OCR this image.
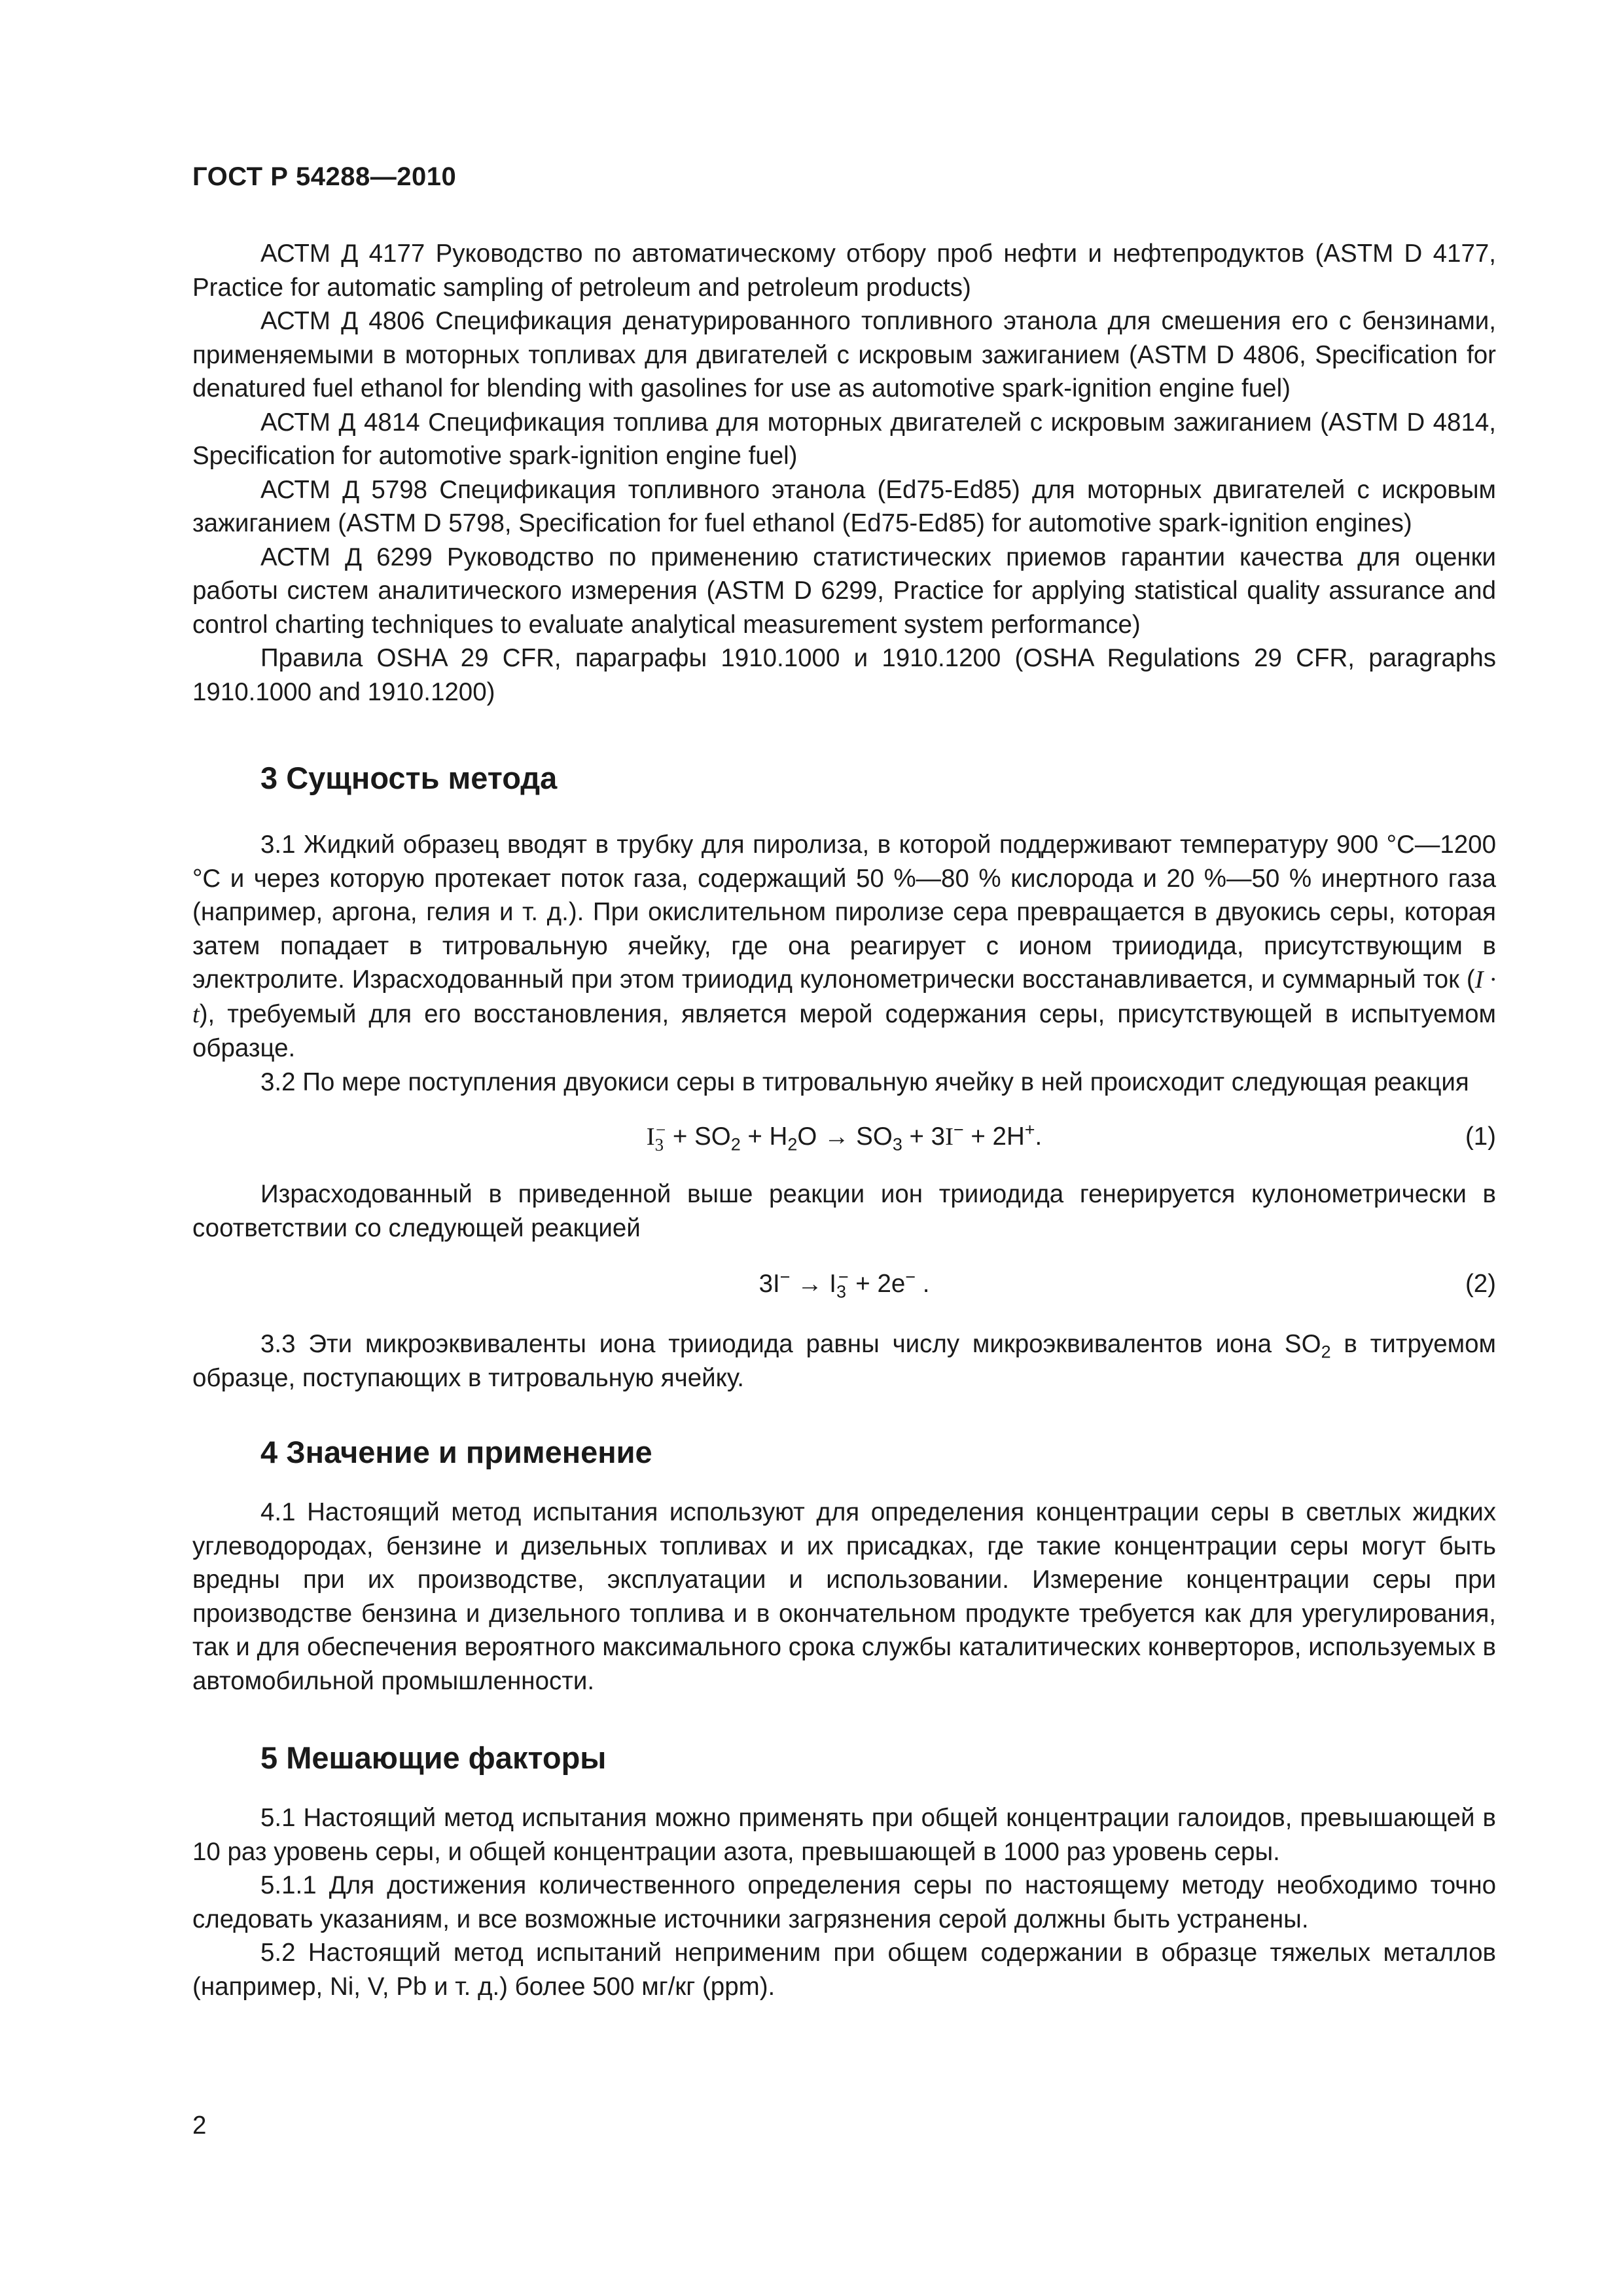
ГОСТ Р 54288—2010

АСТМ Д 4177 Руководство по автоматическому отбору проб нефти и нефтепродуктов (ASTM D 4177, Practice for automatic sampling of petroleum and petroleum products)

АСТМ Д 4806 Спецификация денатурированного топливного этанола для смешения его с бензинами, применяемыми в моторных топливах для двигателей с искровым зажиганием (ASTM D 4806, Specification for denatured fuel ethanol for blending with gasolines for use as automotive spark-ignition engine fuel)

АСТМ Д 4814 Спецификация топлива для моторных двигателей с искровым зажиганием (ASTM D 4814, Specification for automotive spark-ignition engine fuel)

АСТМ Д 5798 Спецификация топливного этанола (Ed75-Ed85) для моторных двигателей с искровым зажиганием (ASTM D 5798, Specification for fuel ethanol (Ed75-Ed85) for automotive spark-ignition engines)

АСТМ Д 6299 Руководство по применению статистических приемов гарантии качества для оценки работы систем аналитического измерения (ASTM D 6299, Practice for applying statistical quality assurance and control charting techniques to evaluate analytical measurement system performance)

Правила OSHA 29 CFR, параграфы 1910.1000 и 1910.1200 (OSHA Regulations 29 CFR, paragraphs 1910.1000 and 1910.1200)

3 Сущность метода

3.1 Жидкий образец вводят в трубку для пиролиза, в которой поддерживают температуру 900 °С—1200 °С и через которую протекает поток газа, содержащий 50 %—80 % кислорода и 20 %—50 % инертного газа (например, аргона, гелия и т. д.). При окислительном пиролизе сера превращается в двуокись серы, которая затем попадает в титровальную ячейку, где она реагирует с ионом трииодида, присутствующим в электролите. Израсходованный при этом трииодид кулонометрически восстанавливается, и суммарный ток (I · t), требуемый для его восстановления, является мерой содержания серы, присутствующей в испытуемом образце.

3.2 По мере поступления двуокиси серы в титровальную ячейку в ней происходит следующая реакция

$I_3^- + SO_2 + H_2O \to SO_3 + 3I^- + 2H^+$.	(1)

Израсходованный в приведенной выше реакции ион трииодида генерируется кулонометрически в соответствии со следующей реакцией

$3I^- \to I_3^- + 2e^-$ .	(2)

3.3 Эти микроэквиваленты иона трииодида равны числу микроэквивалентов иона $SO_2$ в титруемом образце, поступающих в титровальную ячейку.

4 Значение и применение

4.1 Настоящий метод испытания используют для определения концентрации серы в светлых жидких углеводородах, бензине и дизельных топливах и их присадках, где такие концентрации серы могут быть вредны при их производстве, эксплуатации и использовании. Измерение концентрации серы при производстве бензина и дизельного топлива и в окончательном продукте требуется как для урегулирования, так и для обеспечения вероятного максимального срока службы каталитических конверторов, используемых в автомобильной промышленности.

5 Мешающие факторы

5.1 Настоящий метод испытания можно применять при общей концентрации галоидов, превышающей в 10 раз уровень серы, и общей концентрации азота, превышающей в 1000 раз уровень серы.

5.1.1 Для достижения количественного определения серы по настоящему методу необходимо точно следовать указаниям, и все возможные источники загрязнения серой должны быть устранены.

5.2 Настоящий метод испытаний неприменим при общем содержании в образце тяжелых металлов (например, Ni, V, Pb и т. д.) более 500 мг/кг (ppm).

2
